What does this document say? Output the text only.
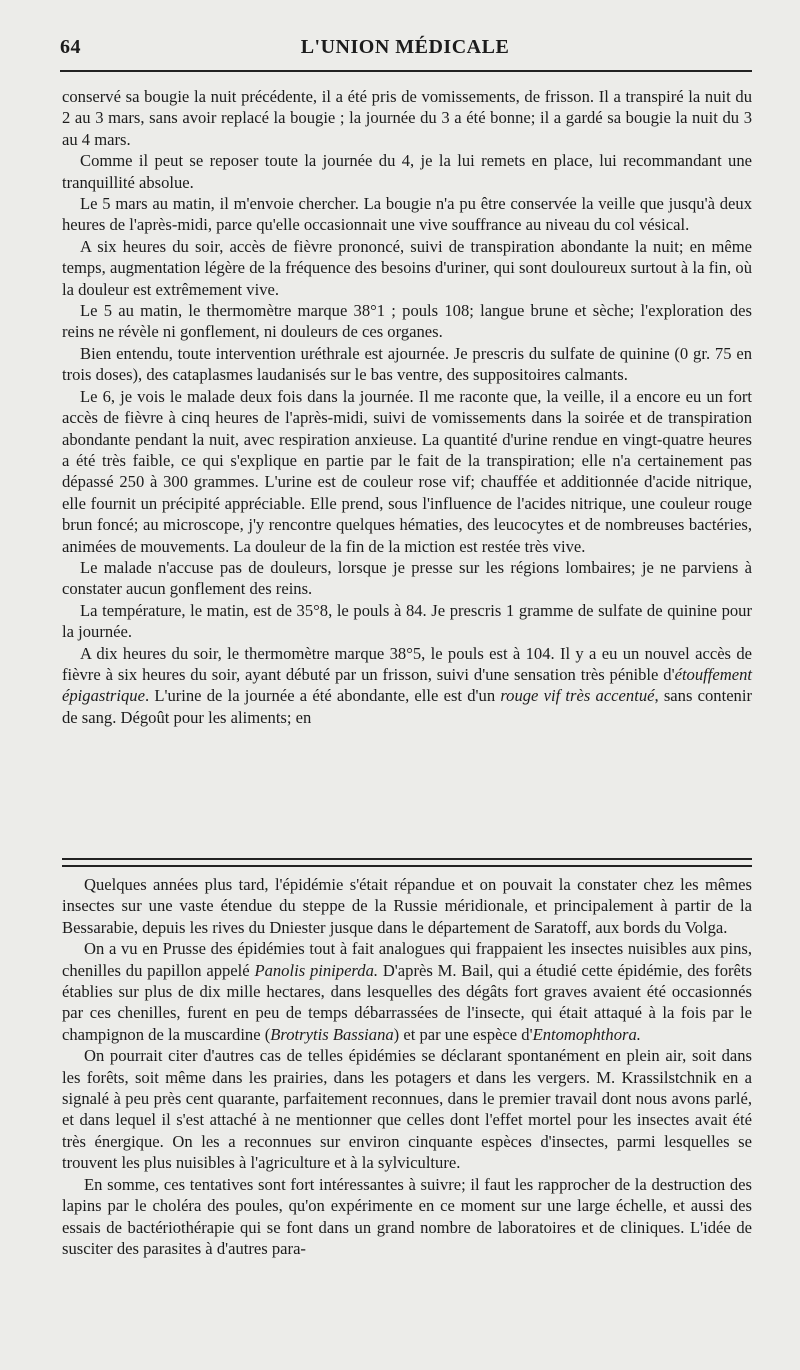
64	L'UNION MÉDICALE

conservé sa bougie la nuit précédente, il a été pris de vomissements, de frisson. Il a transpiré la nuit du 2 au 3 mars, sans avoir replacé la bougie ; la journée du 3 a été bonne; il a gardé sa bougie la nuit du 3 au 4 mars.

Comme il peut se reposer toute la journée du 4, je la lui remets en place, lui recommandant une tranquillité absolue.

Le 5 mars au matin, il m'envoie chercher. La bougie n'a pu être conservée la veille que jusqu'à deux heures de l'après-midi, parce qu'elle occasionnait une vive souffrance au niveau du col vésical.

A six heures du soir, accès de fièvre prononcé, suivi de transpiration abondante la nuit; en même temps, augmentation légère de la fréquence des besoins d'uriner, qui sont douloureux surtout à la fin, où la douleur est extrêmement vive.

Le 5 au matin, le thermomètre marque 38°1 ; pouls 108; langue brune et sèche; l'exploration des reins ne révèle ni gonflement, ni douleurs de ces organes.

Bien entendu, toute intervention uréthrale est ajournée. Je prescris du sulfate de quinine (0 gr. 75 en trois doses), des cataplasmes laudanisés sur le bas ventre, des suppositoires calmants.

Le 6, je vois le malade deux fois dans la journée. Il me raconte que, la veille, il a encore eu un fort accès de fièvre à cinq heures de l'après-midi, suivi de vomissements dans la soirée et de transpiration abondante pendant la nuit, avec respiration anxieuse. La quantité d'urine rendue en vingt-quatre heures a été très faible, ce qui s'explique en partie par le fait de la transpiration; elle n'a certainement pas dépassé 250 à 300 grammes. L'urine est de couleur rose vif; chauffée et additionnée d'acide nitrique, elle fournit un précipité appréciable. Elle prend, sous l'influence de l'acides nitrique, une couleur rouge brun foncé; au microscope, j'y rencontre quelques hématies, des leucocytes et de nombreuses bactéries, animées de mouvements. La douleur de la fin de la miction est restée très vive.

Le malade n'accuse pas de douleurs, lorsque je presse sur les régions lombaires; je ne parviens à constater aucun gonflement des reins.

La température, le matin, est de 35°8, le pouls à 84. Je prescris 1 gramme de sulfate de quinine pour la journée.

A dix heures du soir, le thermomètre marque 38°5, le pouls est à 104. Il y a eu un nouvel accès de fièvre à six heures du soir, ayant débuté par un frisson, suivi d'une sensation très pénible d'étouffement épigastrique. L'urine de la journée a été abondante, elle est d'un rouge vif très accentué, sans contenir de sang. Dégoût pour les aliments; en

Quelques années plus tard, l'épidémie s'était répandue et on pouvait la constater chez les mêmes insectes sur une vaste étendue du steppe de la Russie méridionale, et principalement à partir de la Bessarabie, depuis les rives du Dniester jusque dans le département de Saratoff, aux bords du Volga.

On a vu en Prusse des épidémies tout à fait analogues qui frappaient les insectes nuisibles aux pins, chenilles du papillon appelé Panolis piniperda. D'après M. Bail, qui a étudié cette épidémie, des forêts établies sur plus de dix mille hectares, dans lesquelles des dégâts fort graves avaient été occasionnés par ces chenilles, furent en peu de temps débarrassées de l'insecte, qui était attaqué à la fois par le champignon de la muscardine (Brotrytis Bassiana) et par une espèce d'Entomophthora.

On pourrait citer d'autres cas de telles épidémies se déclarant spontanément en plein air, soit dans les forêts, soit même dans les prairies, dans les potagers et dans les vergers. M. Krassilstchnik en a signalé à peu près cent quarante, parfaitement reconnues, dans le premier travail dont nous avons parlé, et dans lequel il s'est attaché à ne mentionner que celles dont l'effet mortel pour les insectes avait été très énergique. On les a reconnues sur environ cinquante espèces d'insectes, parmi lesquelles se trouvent les plus nuisibles à l'agriculture et à la sylviculture.

En somme, ces tentatives sont fort intéressantes à suivre; il faut les rapprocher de la destruction des lapins par le choléra des poules, qu'on expérimente en ce moment sur une large échelle, et aussi des essais de bactériothérapie qui se font dans un grand nombre de laboratoires et de cliniques. L'idée de susciter des parasites à d'autres para-
